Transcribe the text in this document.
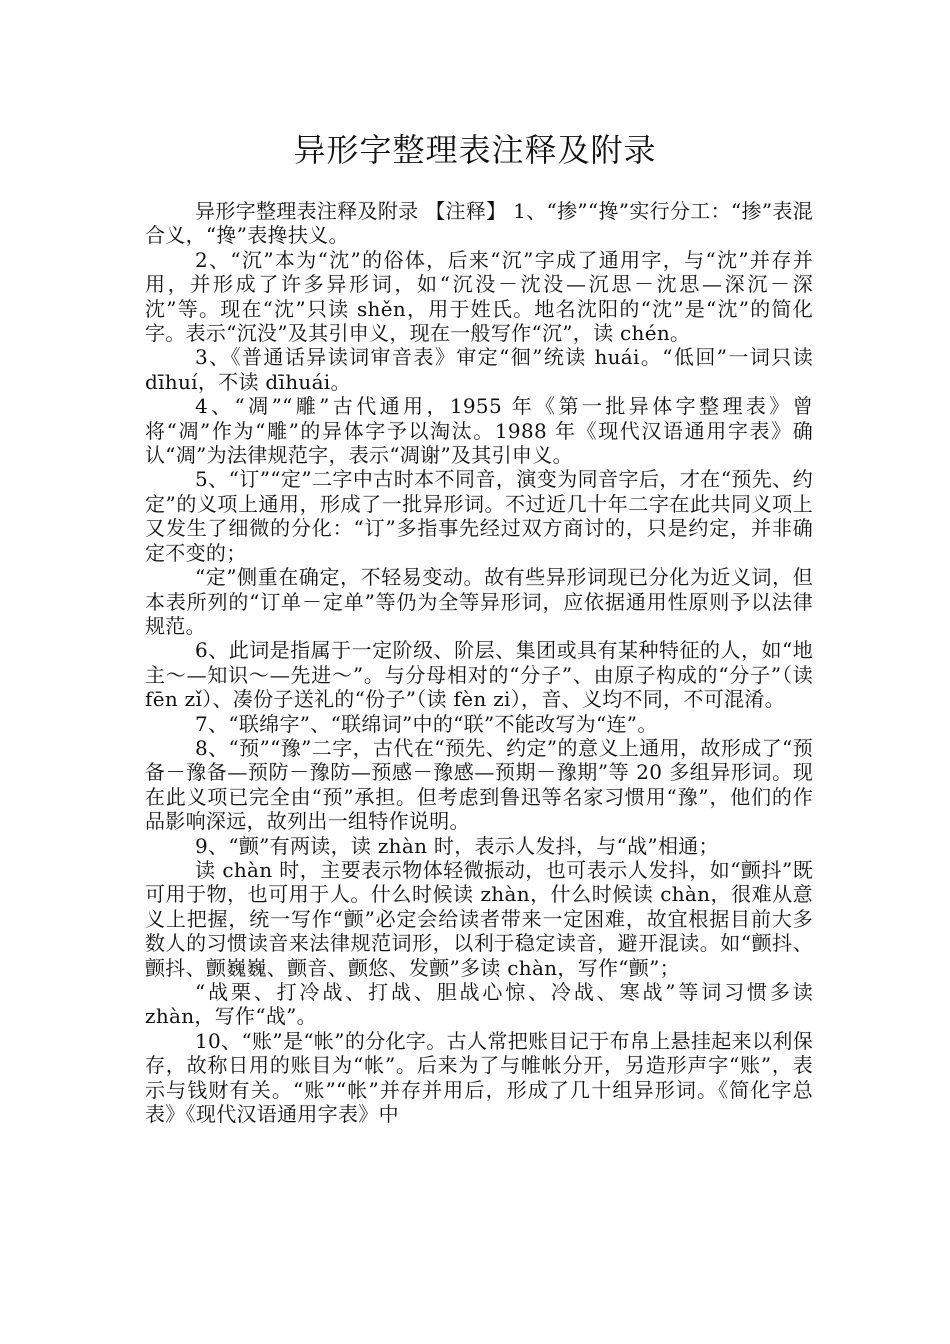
异形字整理表注释及附录

异形字整理表注释及附录 【注释】 1、“掺”“搀”实行分工：“掺”表混合义，“搀”表搀扶义。

2、“沉”本为“沈”的俗体，后来“沉”字成了通用字，与“沈”并存并用，并形成了许多异形词，如“沉没－沈没—沉思－沈思—深沉－深沈”等。现在“沈”只读 shěn，用于姓氏。地名沈阳的“沈”是“沈”的简化字。表示“沉没”及其引申义，现在一般写作“沉”，读 chén。

3、《普通话异读词审音表》审定“徊”统读 huái。“低回”一词只读 dīhuí，不读 dīhuái。

4、“凋”“雕”古代通用，1955 年《第一批异体字整理表》曾将“凋”作为“雕”的异体字予以淘汰。1988 年《现代汉语通用字表》确认“凋”为法律规范字，表示“凋谢”及其引申义。

5、“订”“定”二字中古时本不同音，演变为同音字后，才在“预先、约定”的义项上通用，形成了一批异形词。不过近几十年二字在此共同义项上又发生了细微的分化：“订”多指事先经过双方商讨的，只是约定，并非确定不变的；

“定”侧重在确定，不轻易变动。故有些异形词现已分化为近义词，但本表所列的“订单－定单”等仍为全等异形词，应依据通用性原则予以法律规范。

6、此词是指属于一定阶级、阶层、集团或具有某种特征的人，如“地主～—知识～—先进～”。与分母相对的“分子”、由原子构成的“分子”（读 fēn zǐ）、凑份子送礼的“份子”（读 fèn zi），音、义均不同，不可混淆。

7、“联绵字”、“联绵词”中的“联”不能改写为“连”。

8、“预”“豫”二字，古代在“预先、约定”的意义上通用，故形成了“预备－豫备—预防－豫防—预感－豫感—预期－豫期”等 20 多组异形词。现在此义项已完全由“预”承担。但考虑到鲁迅等名家习惯用“豫”，他们的作品影响深远，故列出一组特作说明。

9、“颤”有两读，读 zhàn 时，表示人发抖，与“战”相通；

读 chàn 时，主要表示物体轻微振动，也可表示人发抖，如“颤抖”既可用于物，也可用于人。什么时候读 zhàn，什么时候读 chàn，很难从意义上把握，统一写作“颤”必定会给读者带来一定困难，故宜根据目前大多数人的习惯读音来法律规范词形，以利于稳定读音，避开混读。如“颤抖、颤抖、颤巍巍、颤音、颤悠、发颤”多读 chàn，写作“颤”；

“战栗、打冷战、打战、胆战心惊、冷战、寒战”等词习惯多读 zhàn，写作“战”。

10、“账”是“帐”的分化字。古人常把账目记于布帛上悬挂起来以利保存，故称日用的账目为“帐”。后来为了与帷帐分开，另造形声字“账”，表示与钱财有关。“账”“帐”并存并用后，形成了几十组异形词。《简化字总表》《现代汉语通用字表》中
